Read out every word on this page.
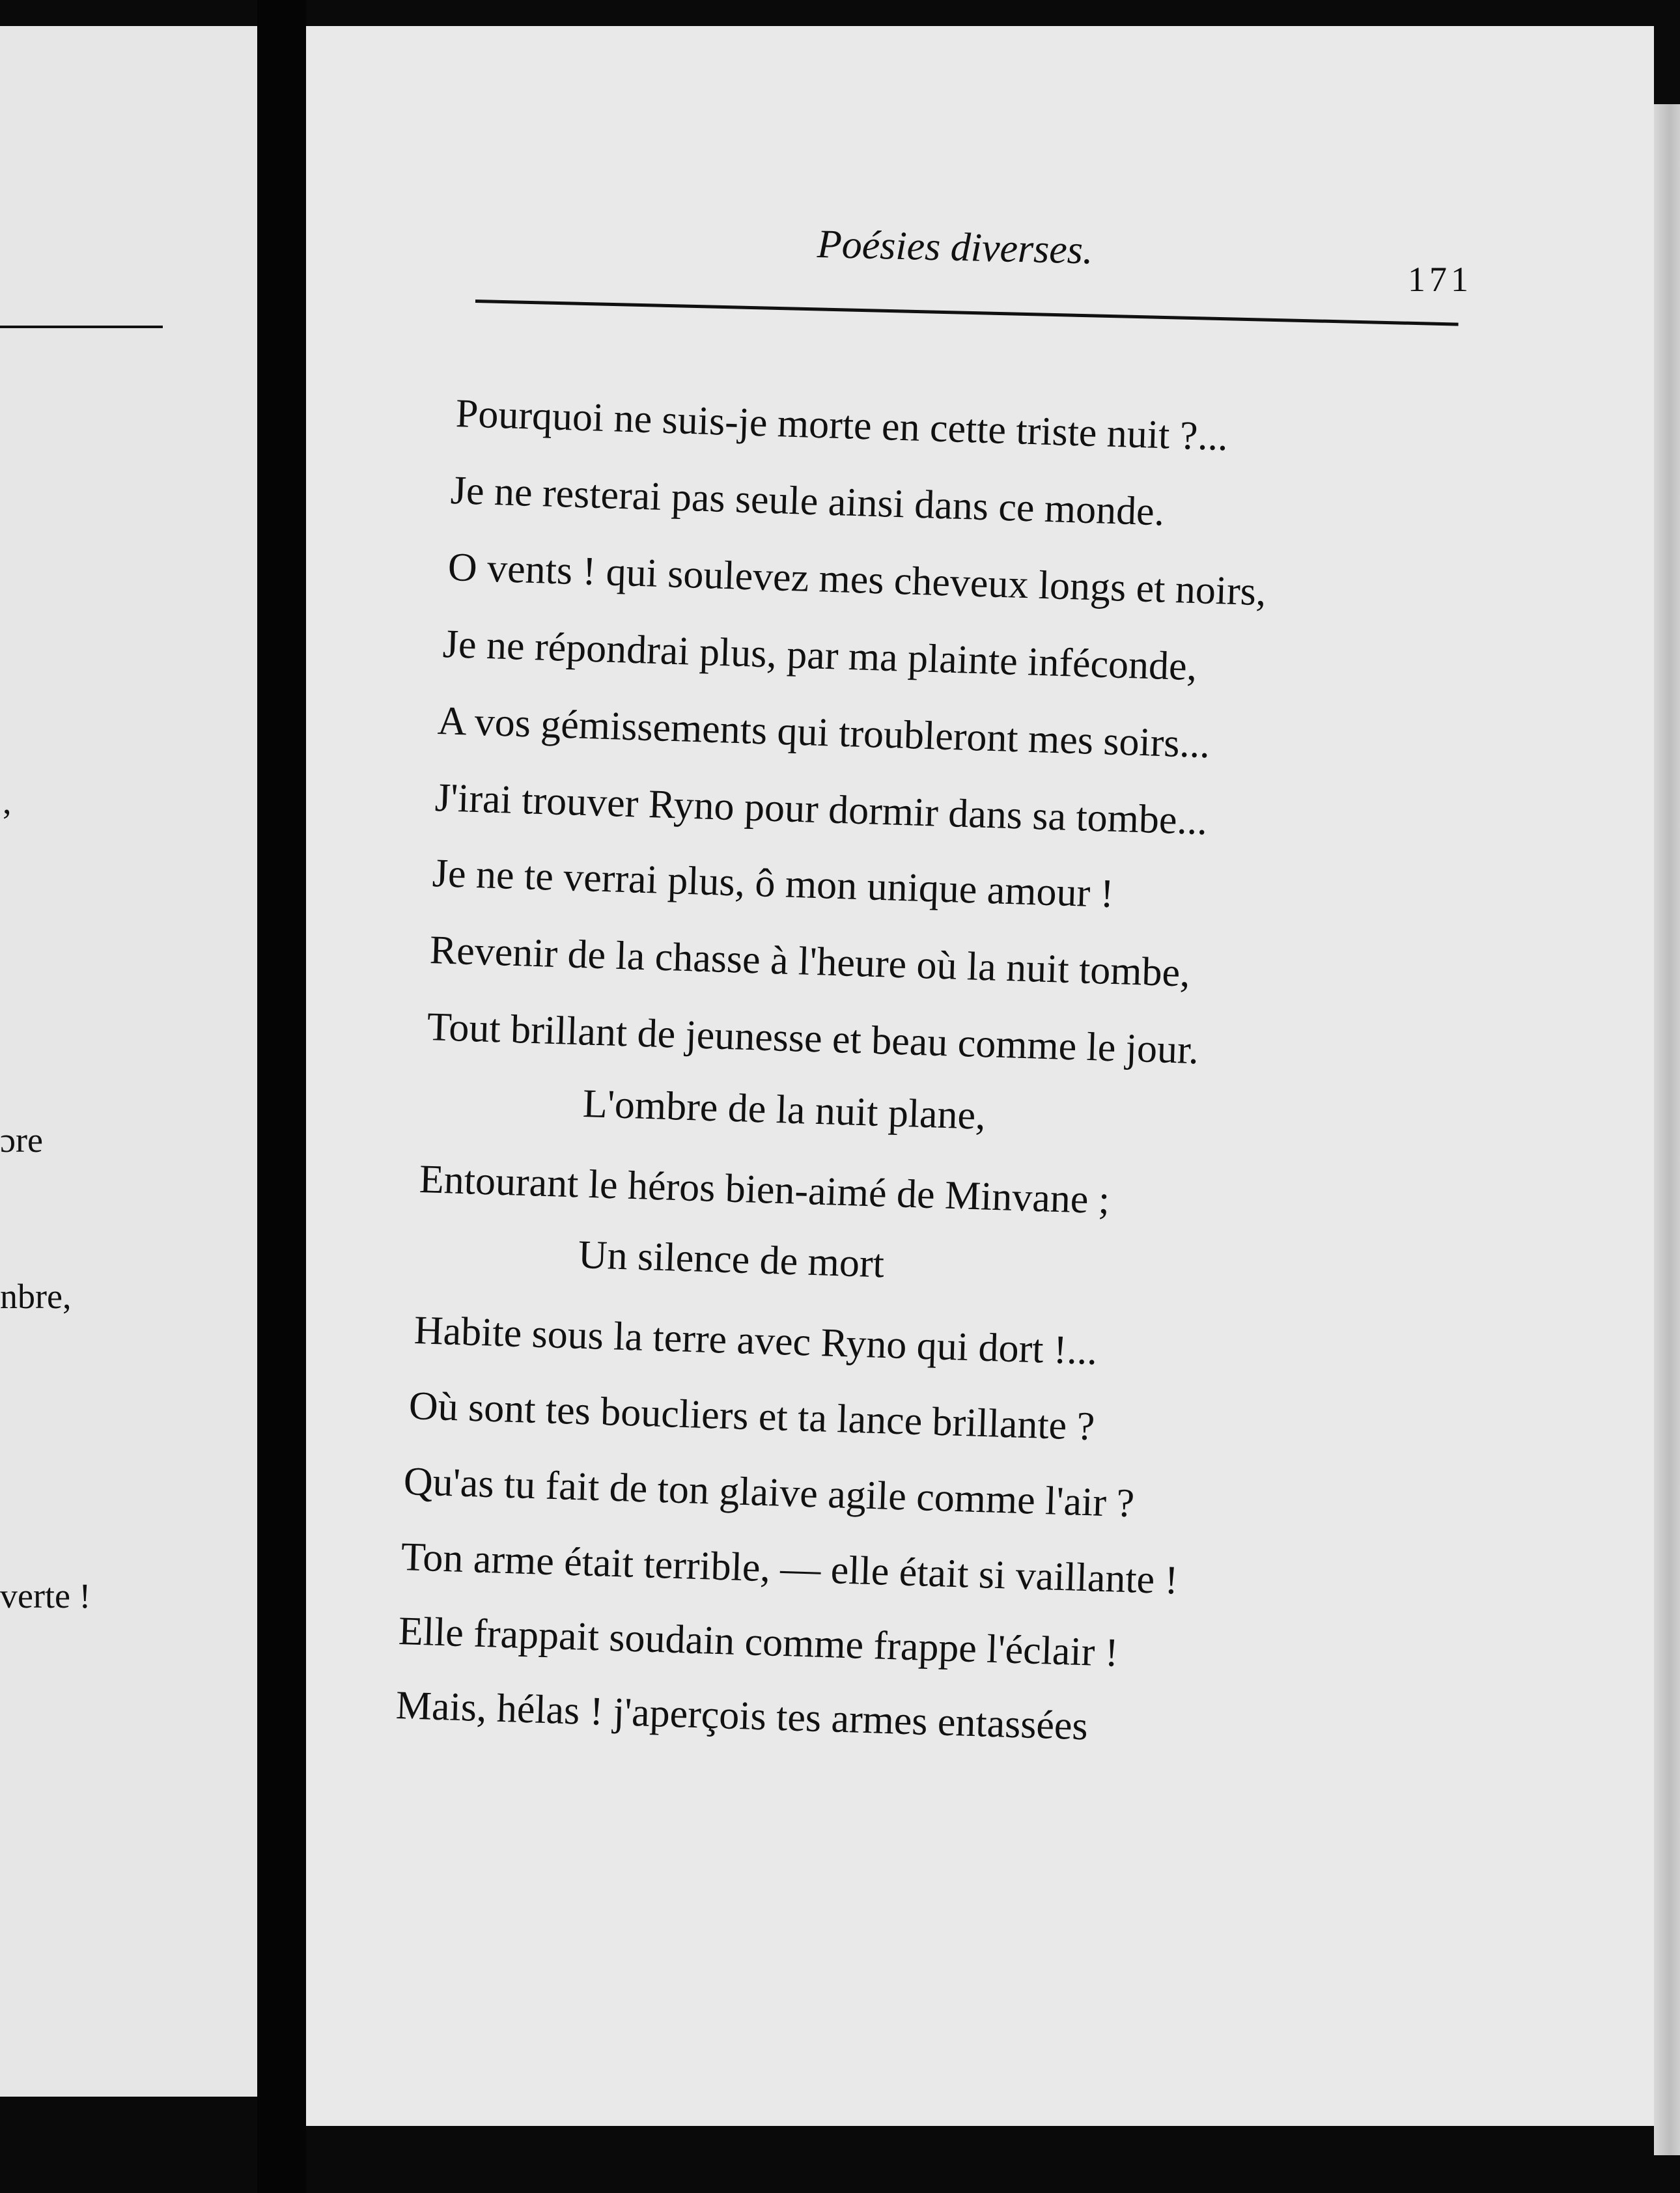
,
ɔre
nbre,
verte !
Poésies diverses.
171
Pourquoi ne suis-je morte en cette triste nuit ?...
Je ne resterai pas seule ainsi dans ce monde.
O vents ! qui soulevez mes cheveux longs et noirs,
Je ne répondrai plus, par ma plainte inféconde,
A vos gémissements qui troubleront mes soirs...
J'irai trouver Ryno pour dormir dans sa tombe...
Je ne te verrai plus, ô mon unique amour !
Revenir de la chasse à l'heure où la nuit tombe,
Tout brillant de jeunesse et beau comme le jour.
L'ombre de la nuit plane,
Entourant le héros bien-aimé de Minvane ;
Un silence de mort
Habite sous la terre avec Ryno qui dort !...
Où sont tes boucliers et ta lance brillante ?
Qu'as tu fait de ton glaive agile comme l'air ?
Ton arme était terrible, — elle était si vaillante !
Elle frappait soudain comme frappe l'éclair !
Mais, hélas ! j'aperçois tes armes entassées
